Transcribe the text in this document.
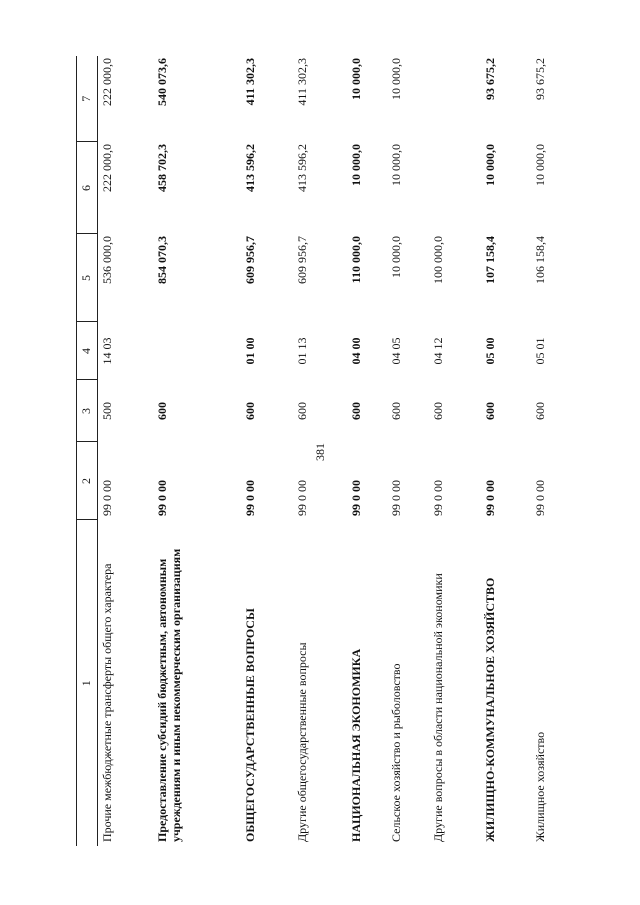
381
1	2	3	4	5	6	7
Прочие межбюджетные трансферты общего характера	99 0 00	500	14 03	536 000,0	222 000,0	222 000,0
Предоставление субсидий бюджетным, автономным учреждениям и иным некоммерческим организациям	99 0 00	600		854 070,3	458 702,3	540 073,6
ОБЩЕГОСУДАРСТВЕННЫЕ ВОПРОСЫ	99 0 00	600	01 00	609 956,7	413 596,2	411 302,3
Другие общегосударственные вопросы	99 0 00	600	01 13	609 956,7	413 596,2	411 302,3
НАЦИОНАЛЬНАЯ ЭКОНОМИКА	99 0 00	600	04 00	110 000,0	10 000,0	10 000,0
Сельское хозяйство и рыболовство	99 0 00	600	04 05	10 000,0	10 000,0	10 000,0
Другие вопросы в области национальной экономики	99 0 00	600	04 12	100 000,0		
ЖИЛИЩНО-КОММУНАЛЬНОЕ ХОЗЯЙСТВО	99 0 00	600	05 00	107 158,4	10 000,0	93 675,2
Жилищное хозяйство	99 0 00	600	05 01	106 158,4	10 000,0	93 675,2
